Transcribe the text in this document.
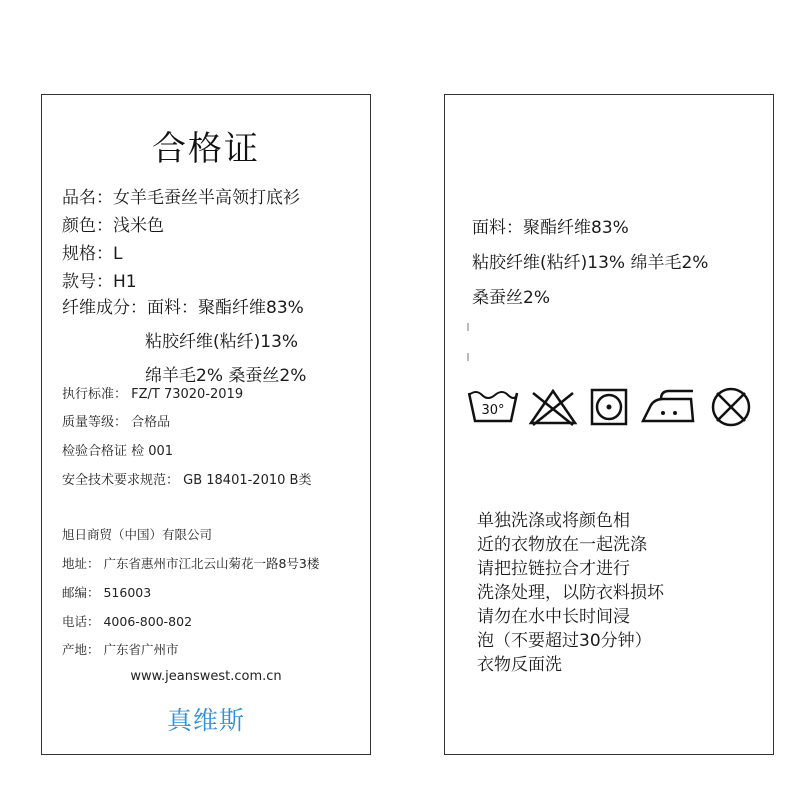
合格证
品名：女羊毛蚕丝半高领打底衫
颜色：浅米色
规格：L
款号：H1
纤维成分：面料：聚酯纤维83%
粘胶纤维(粘纤)13%
绵羊毛2% 桑蚕丝2%
执行标准： FZ/T 73020-2019
质量等级： 合格品
检验合格证 检 001
安全技术要求规范： GB 18401-2010 B类
旭日商贸（中国）有限公司
地址： 广东省惠州市江北云山菊花一路8号3楼
邮编： 516003
电话： 4006-800-802
产地： 广东省广州市
www.jeanswest.com.cn
真维斯
面料：聚酯纤维83%
粘胶纤维(粘纤)13% 绵羊毛2%
桑蚕丝2%
30°
单独洗涤或将颜色相
近的衣物放在一起洗涤
请把拉链拉合才进行
洗涤处理，以防衣料损坏
请勿在水中长时间浸
泡（不要超过30分钟）
衣物反面洗
